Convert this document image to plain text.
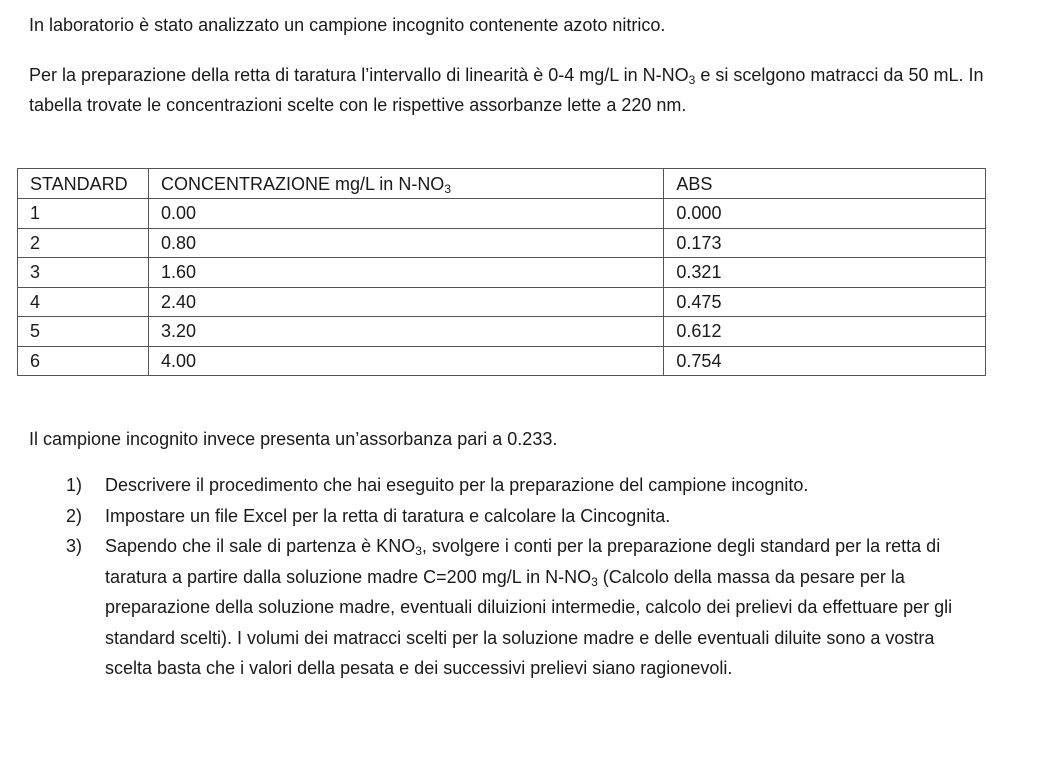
In laboratorio è stato analizzato un campione incognito contenente azoto nitrico.

Per la preparazione della retta di taratura l’intervallo di linearità è 0-4 mg/L in $N-NO_3$ e si scelgono matracci da 50 mL. In tabella trovate le concentrazioni scelte con le rispettive assorbanze lette a 220 nm.

STANDARD	CONCENTRAZIONE mg/L in $N-NO_3$	ABS
1	0.00	0.000
2	0.80	0.173
3	1.60	0.321
4	2.40	0.475
5	3.20	0.612
6	4.00	0.754

Il campione incognito invece presenta un’assorbanza pari a 0.233.

1) Descrivere il procedimento che hai eseguito per la preparazione del campione incognito.
2) Impostare un file Excel per la retta di taratura e calcolare la Cincognita.
3) Sapendo che il sale di partenza è $KNO_3$, svolgere i conti per la preparazione degli standard per la retta di taratura a partire dalla soluzione madre C=200 mg/L in $N-NO_3$ (Calcolo della massa da pesare per la preparazione della soluzione madre, eventuali diluizioni intermedie, calcolo dei prelievi da effettuare per gli standard scelti). I volumi dei matracci scelti per la soluzione madre e delle eventuali diluite sono a vostra scelta basta che i valori della pesata e dei successivi prelievi siano ragionevoli.
